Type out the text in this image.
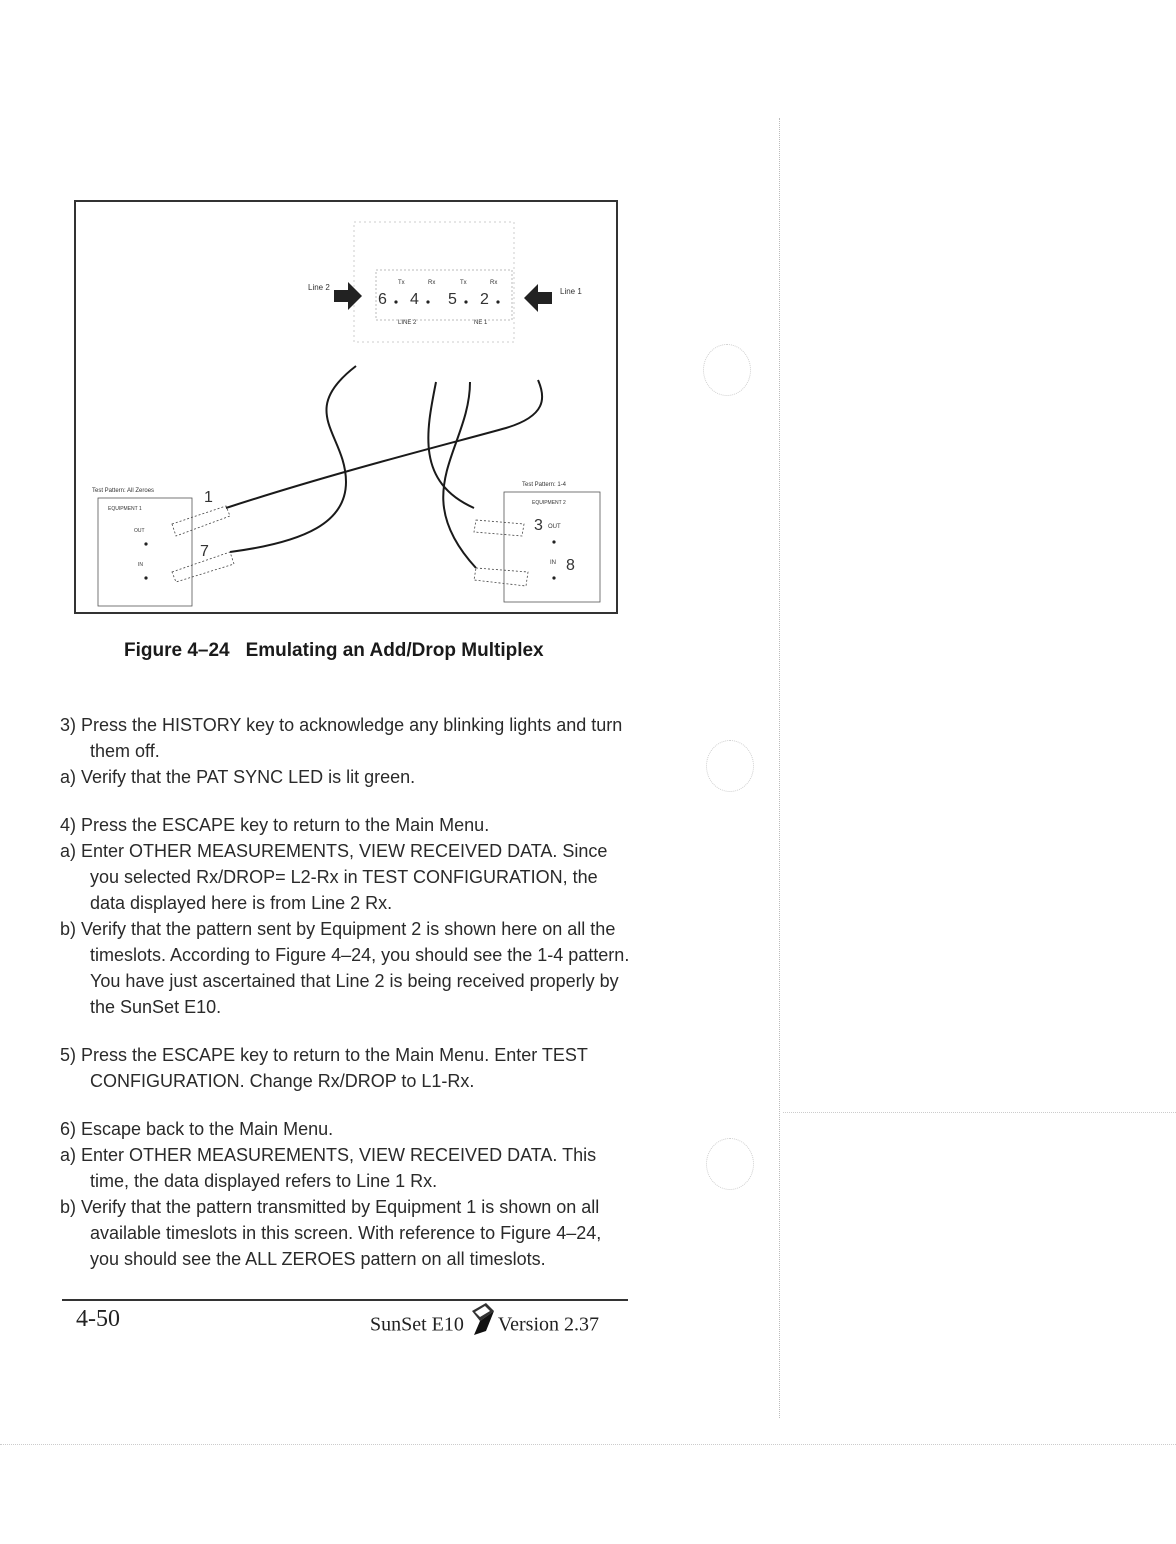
Line 2	Line 1
Tx	Rx	Tx	Rx
6 4 5 2
LINE 2	NE 1
Test Pattern: All Zeroes
EQUIPMENT 1
OUT
IN
Test Pattern: 1-4
EQUIPMENT 2
OUT
IN
1
7
3
8
Figure 4–24 Emulating an Add/Drop Multiplex

3) Press the HISTORY key to acknowledge any blinking lights and turn them off.

a) Verify that the PAT SYNC LED is lit green.

4) Press the ESCAPE key to return to the Main Menu.

a) Enter OTHER MEASUREMENTS, VIEW RECEIVED DATA. Since you selected Rx/DROP= L2-Rx in TEST CONFIGURATION, the data displayed here is from Line 2 Rx.

b) Verify that the pattern sent by Equipment 2 is shown here on all the timeslots. According to Figure 4–24, you should see the 1-4 pattern. You have just ascertained that Line 2 is being received properly by the SunSet E10.

5) Press the ESCAPE key to return to the Main Menu. Enter TEST CONFIGURATION. Change Rx/DROP to L1-Rx.

6) Escape back to the Main Menu.

a) Enter OTHER MEASUREMENTS, VIEW RECEIVED DATA. This time, the data displayed refers to Line 1 Rx.

b) Verify that the pattern transmitted by Equipment 1 is shown on all available timeslots in this screen. With reference to Figure 4–24, you should see the ALL ZEROES pattern on all timeslots.

4-50	SunSet E10 Version 2.37
